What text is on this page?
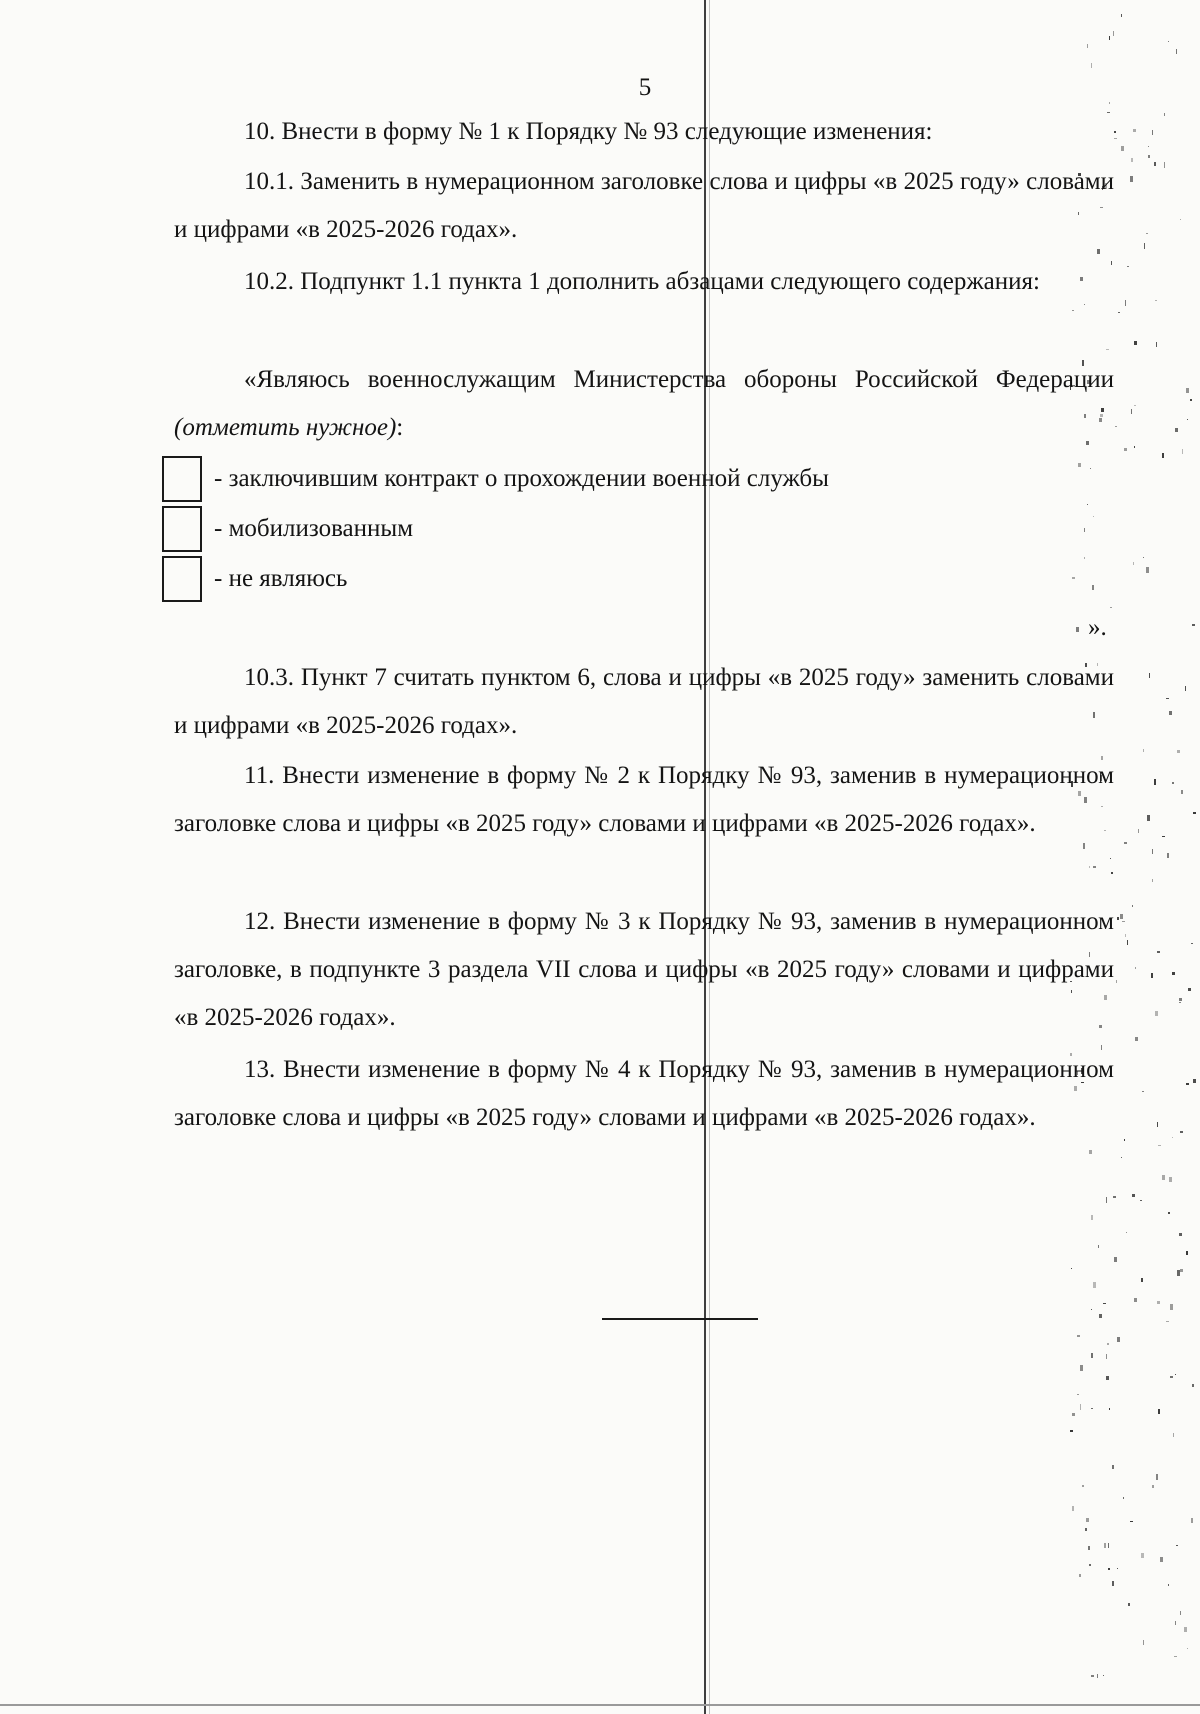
5

10. Внести в форму № 1 к Порядку № 93 следующие изменения:

10.1. Заменить в нумерационном заголовке слова и цифры «в 2025 году» словами и цифрами «в 2025-2026 годах».

10.2. Подпункт 1.1 пункта 1 дополнить абзацами следующего содержания:

«Являюсь военнослужащим Министерства обороны Российской Федерации (отметить нужное):

- заключившим контракт о прохождении военной службы
- мобилизованным
- не являюсь
».

10.3. Пункт 7 считать пунктом 6, слова и цифры «в 2025 году» заменить словами и цифрами «в 2025-2026 годах».

11. Внести изменение в форму № 2 к Порядку № 93, заменив в нумерационном заголовке слова и цифры «в 2025 году» словами и цифрами «в 2025-2026 годах».

12. Внести изменение в форму № 3 к Порядку № 93, заменив в нумерационном заголовке, в подпункте 3 раздела VII слова и цифры «в 2025 году» словами и цифрами «в 2025-2026 годах».

13. Внести изменение в форму № 4 к Порядку № 93, заменив в нумерационном заголовке слова и цифры «в 2025 году» словами и цифрами «в 2025-2026 годах».
